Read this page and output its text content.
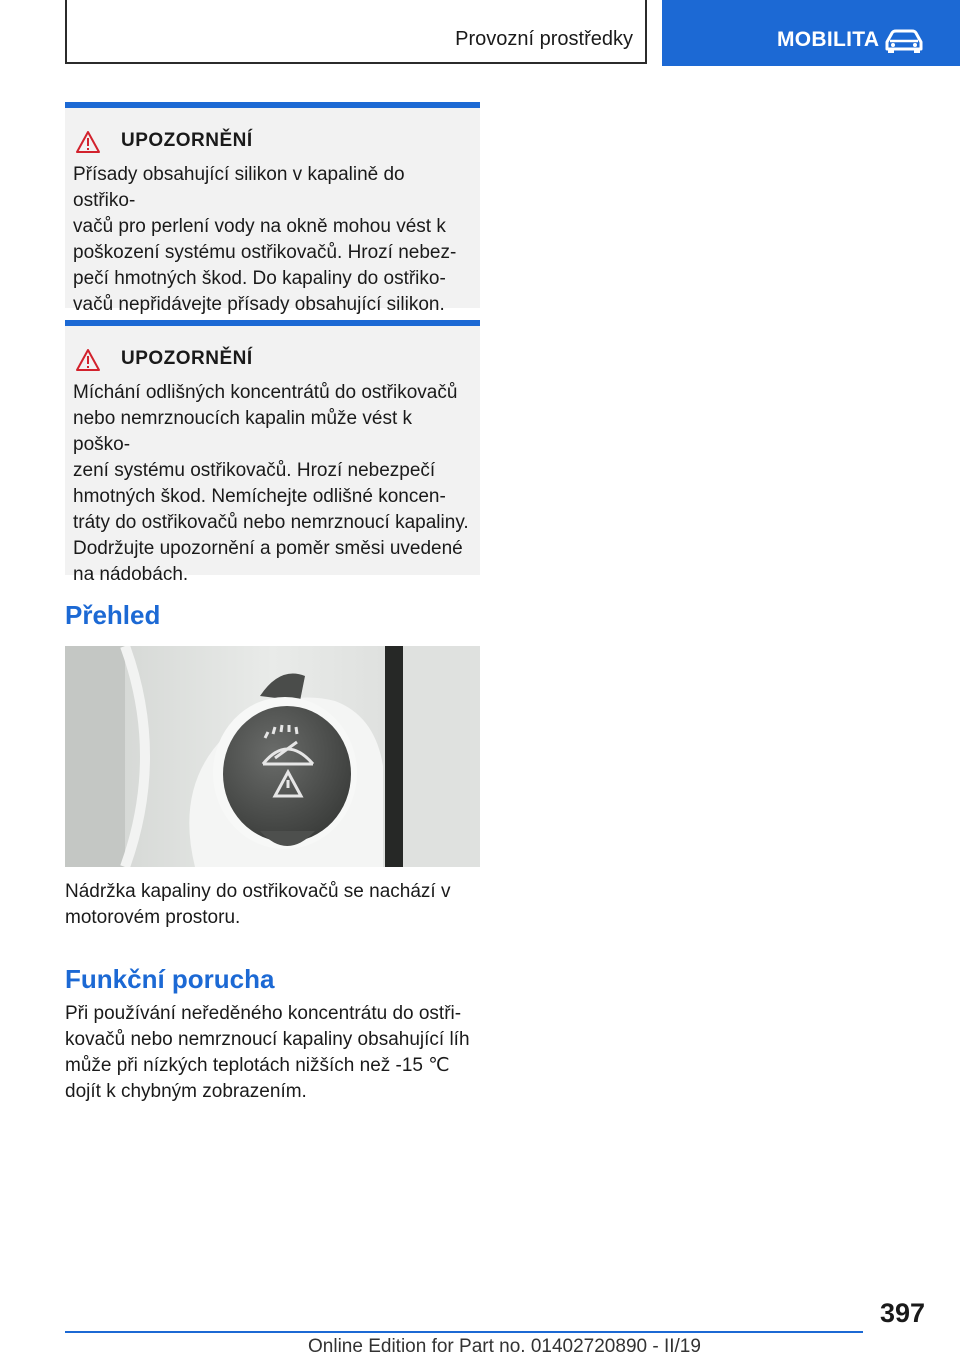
Provozní prostředky	MOBILITA
UPOZORNĚNÍ
Přísady obsahující silikon v kapalině do ostřiko-
vačů pro perlení vody na okně mohou vést k
poškození systému ostřikovačů. Hrozí nebez-
pečí hmotných škod. Do kapaliny do ostřiko-
vačů nepřidávejte přísady obsahující silikon.
UPOZORNĚNÍ
Míchání odlišných koncentrátů do ostřikovačů
nebo nemrznoucích kapalin může vést k poško-
zení systému ostřikovačů. Hrozí nebezpečí
hmotných škod. Nemíchejte odlišné koncen-
tráty do ostřikovačů nebo nemrznoucí kapaliny.
Dodržujte upozornění a poměr směsi uvedené
na nádobách.
Přehled
Nádržka kapaliny do ostřikovačů se nachází v
motorovém prostoru.
Funkční porucha
Při používání neředěného koncentrátu do ostři-
kovačů nebo nemrznoucí kapaliny obsahující líh
může při nízkých teplotách nižších než -15 ℃
dojít k chybným zobrazením.
397
Online Edition for Part no. 01402720890 - II/19
